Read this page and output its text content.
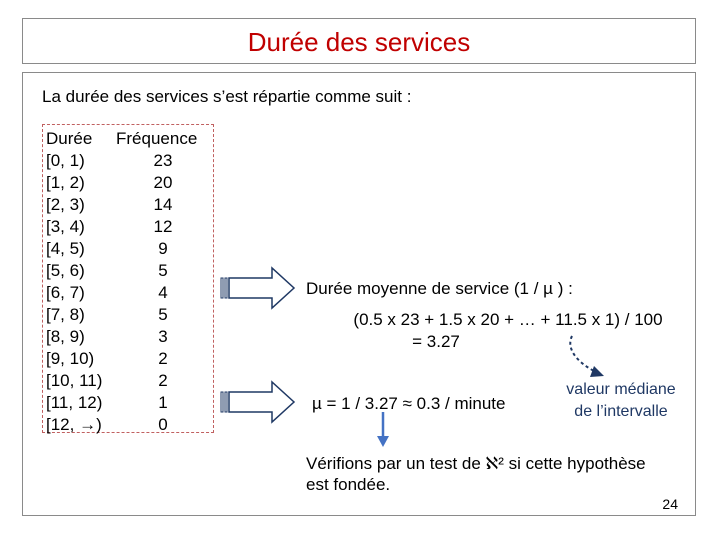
Durée des services
La durée des services s’est répartie comme suit :
Durée
[0, 1)
[1, 2)
[2, 3)
[3, 4)
[4, 5)
[5, 6)
[6, 7)
[7, 8)
[8, 9)
[9, 10)
[10, 11)
[11, 12)
[12, →)
Fréquence
23
20
14
12
9
5
4
5
3
2
2
1
0
Durée moyenne de service (1 / µ ) :
(0.5 x 23 + 1.5 x 20 + … + 11.5 x 1) / 100
= 3.27
µ = 1 / 3.27 ≈ 0.3 / minute
valeur médiane
de l’intervalle
Vérifions par un test de ℵ² si cette hypothèse
est fondée.
24
